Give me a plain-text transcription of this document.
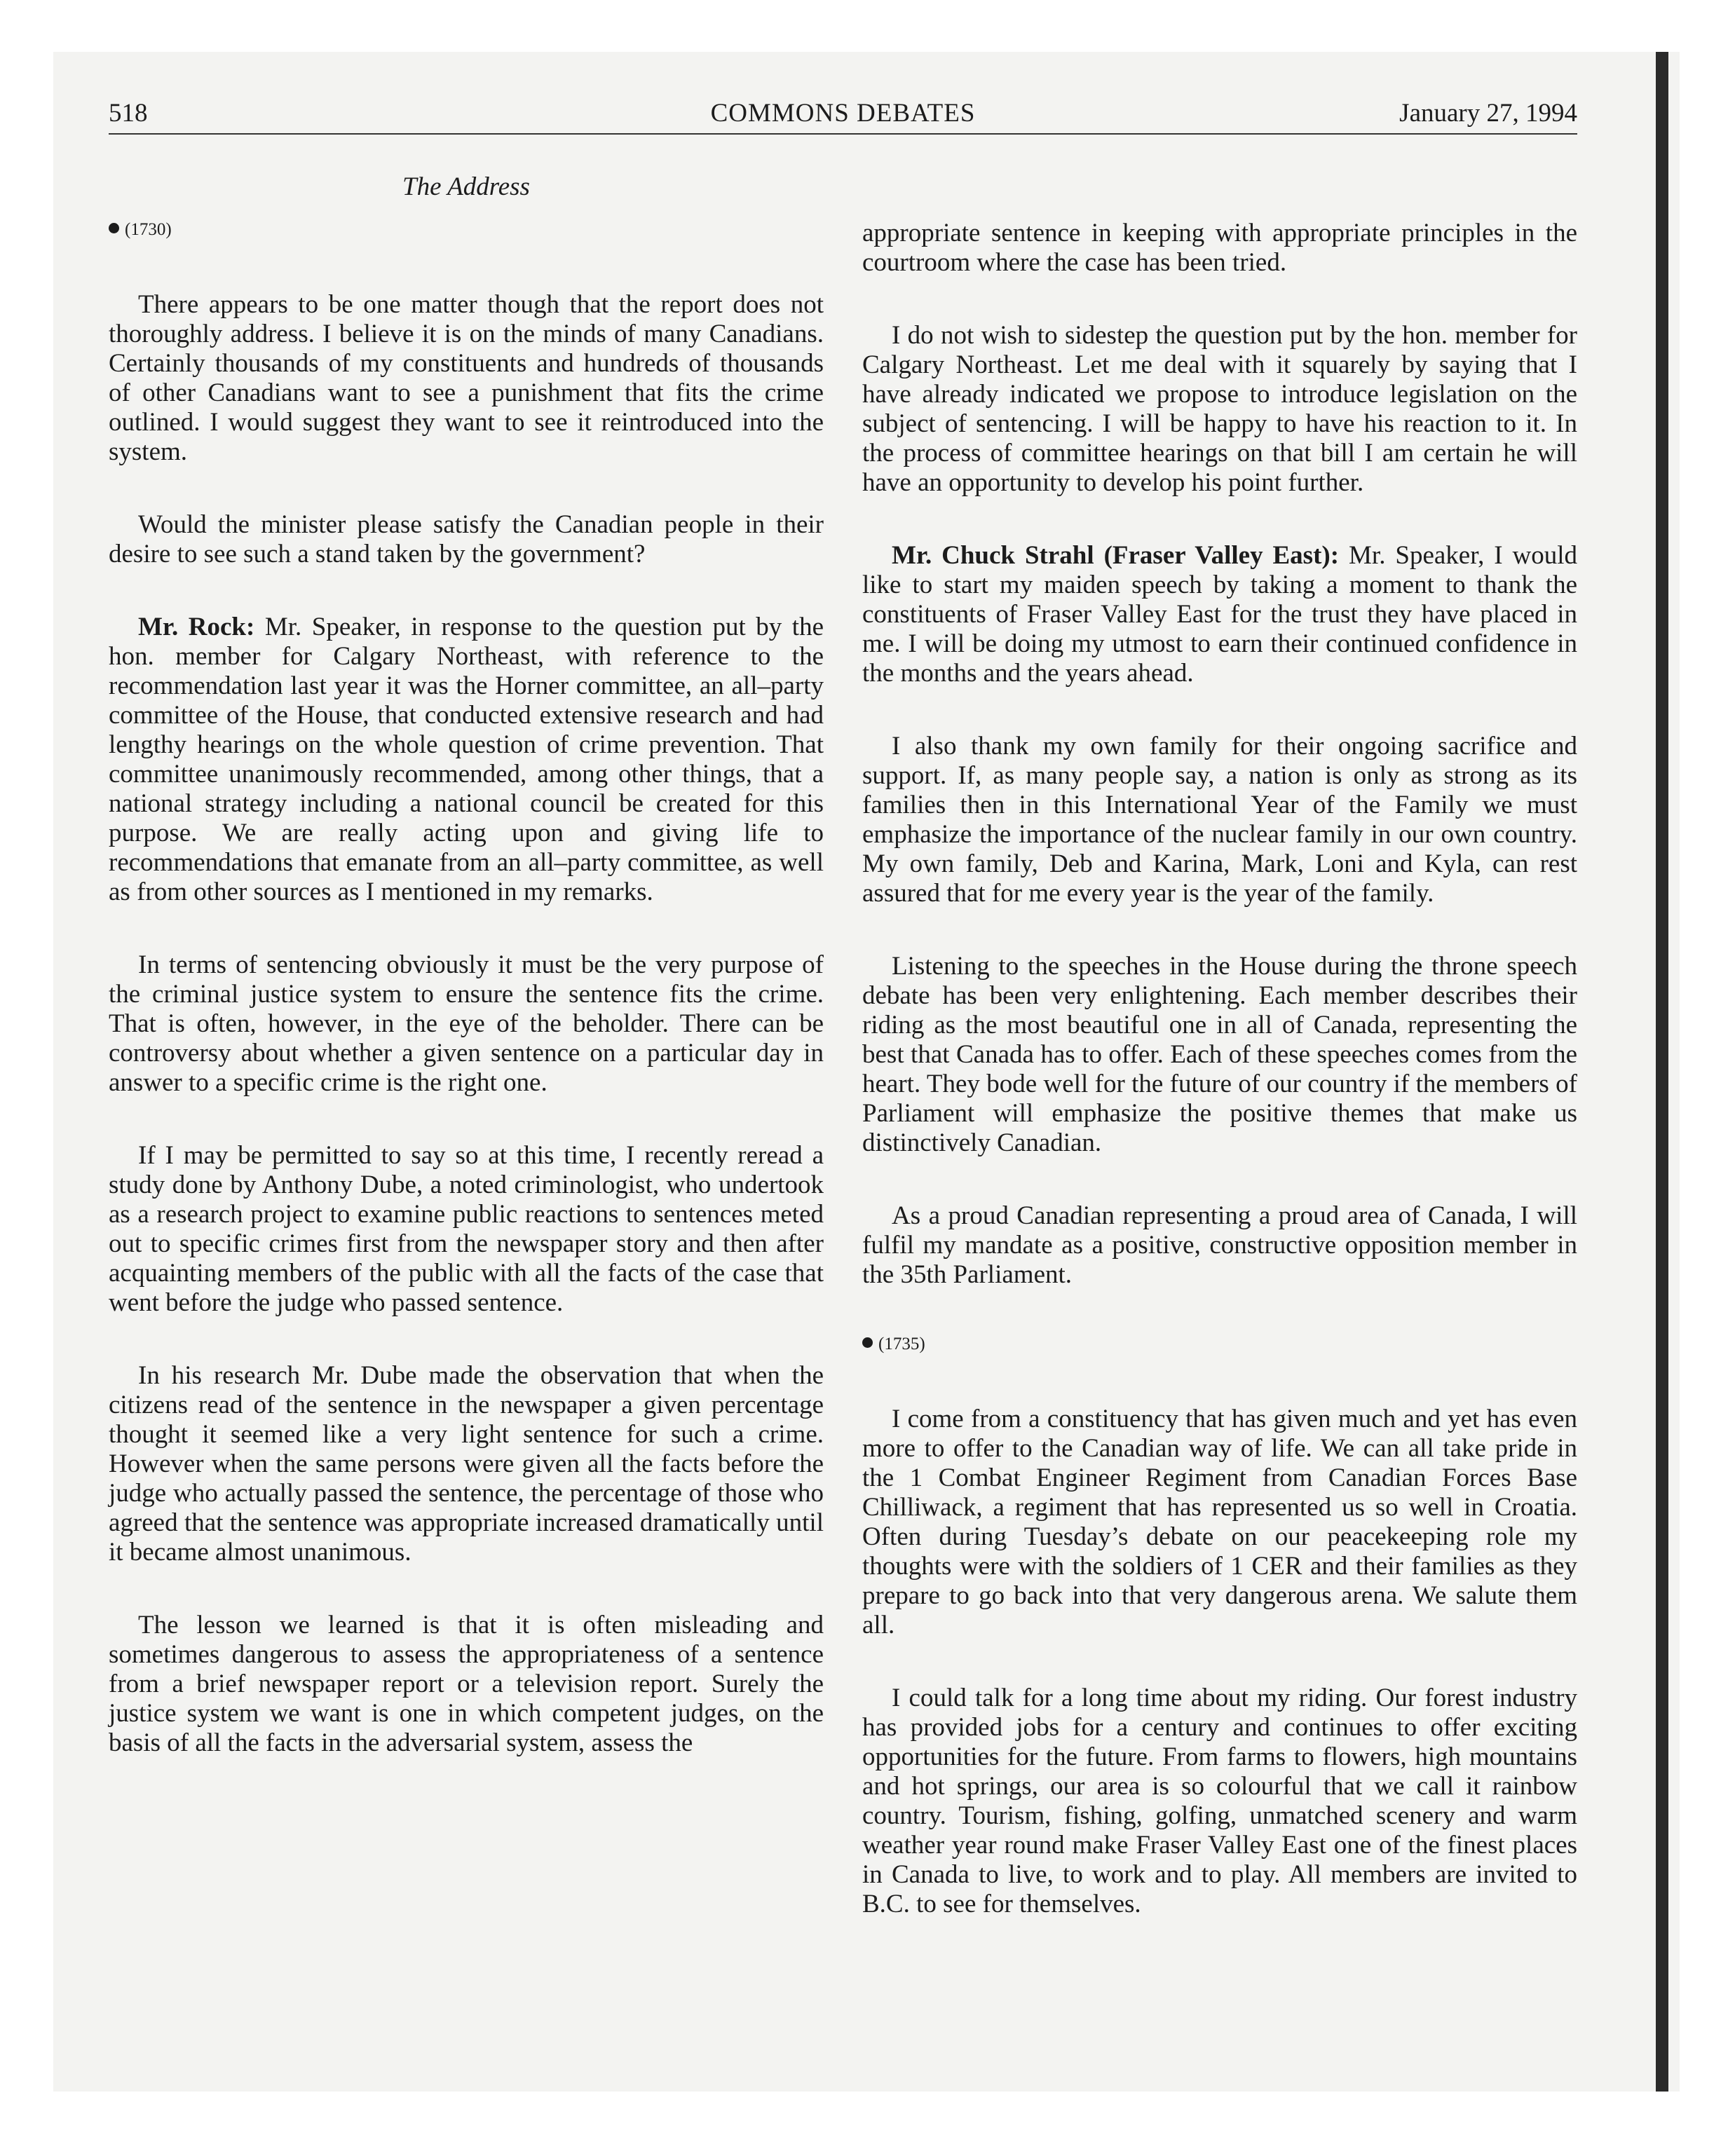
518	COMMONS DEBATES	January 27, 1994
The Address
(1730)

There appears to be one matter though that the report does not thoroughly address. I believe it is on the minds of many Canadians. Certainly thousands of my constituents and hundreds of thousands of other Canadians want to see a punishment that fits the crime outlined. I would suggest they want to see it reintroduced into the system.

Would the minister please satisfy the Canadian people in their desire to see such a stand taken by the government?

Mr. Rock: Mr. Speaker, in response to the question put by the hon. member for Calgary Northeast, with reference to the recommendation last year it was the Horner committee, an all–party committee of the House, that conducted extensive research and had lengthy hearings on the whole question of crime prevention. That committee unanimously recommended, among other things, that a national strategy including a national council be created for this purpose. We are really acting upon and giving life to recommendations that emanate from an all–party committee, as well as from other sources as I mentioned in my remarks.

In terms of sentencing obviously it must be the very purpose of the criminal justice system to ensure the sentence fits the crime. That is often, however, in the eye of the beholder. There can be controversy about whether a given sentence on a particular day in answer to a specific crime is the right one.

If I may be permitted to say so at this time, I recently reread a study done by Anthony Dube, a noted criminologist, who undertook as a research project to examine public reactions to sentences meted out to specific crimes first from the newspaper story and then after acquainting members of the public with all the facts of the case that went before the judge who passed sentence.

In his research Mr. Dube made the observation that when the citizens read of the sentence in the newspaper a given percentage thought it seemed like a very light sentence for such a crime. However when the same persons were given all the facts before the judge who actually passed the sentence, the percentage of those who agreed that the sentence was appropriate increased dramatically until it became almost unanimous.

The lesson we learned is that it is often misleading and sometimes dangerous to assess the appropriateness of a sentence from a brief newspaper report or a television report. Surely the justice system we want is one in which competent judges, on the basis of all the facts in the adversarial system, assess the

appropriate sentence in keeping with appropriate principles in the courtroom where the case has been tried.

I do not wish to sidestep the question put by the hon. member for Calgary Northeast. Let me deal with it squarely by saying that I have already indicated we propose to introduce legislation on the subject of sentencing. I will be happy to have his reaction to it. In the process of committee hearings on that bill I am certain he will have an opportunity to develop his point further.

Mr. Chuck Strahl (Fraser Valley East): Mr. Speaker, I would like to start my maiden speech by taking a moment to thank the constituents of Fraser Valley East for the trust they have placed in me. I will be doing my utmost to earn their continued confidence in the months and the years ahead.

I also thank my own family for their ongoing sacrifice and support. If, as many people say, a nation is only as strong as its families then in this International Year of the Family we must emphasize the importance of the nuclear family in our own country. My own family, Deb and Karina, Mark, Loni and Kyla, can rest assured that for me every year is the year of the family.

Listening to the speeches in the House during the throne speech debate has been very enlightening. Each member describes their riding as the most beautiful one in all of Canada, representing the best that Canada has to offer. Each of these speeches comes from the heart. They bode well for the future of our country if the members of Parliament will emphasize the positive themes that make us distinctively Canadian.

As a proud Canadian representing a proud area of Canada, I will fulfil my mandate as a positive, constructive opposition member in the 35th Parliament.

(1735)

I come from a constituency that has given much and yet has even more to offer to the Canadian way of life. We can all take pride in the 1 Combat Engineer Regiment from Canadian Forces Base Chilliwack, a regiment that has represented us so well in Croatia. Often during Tuesday’s debate on our peacekeeping role my thoughts were with the soldiers of 1 CER and their families as they prepare to go back into that very dangerous arena. We salute them all.

I could talk for a long time about my riding. Our forest industry has provided jobs for a century and continues to offer exciting opportunities for the future. From farms to flowers, high mountains and hot springs, our area is so colourful that we call it rainbow country. Tourism, fishing, golfing, unmatched scenery and warm weather year round make Fraser Valley East one of the finest places in Canada to live, to work and to play. All members are invited to B.C. to see for themselves.
